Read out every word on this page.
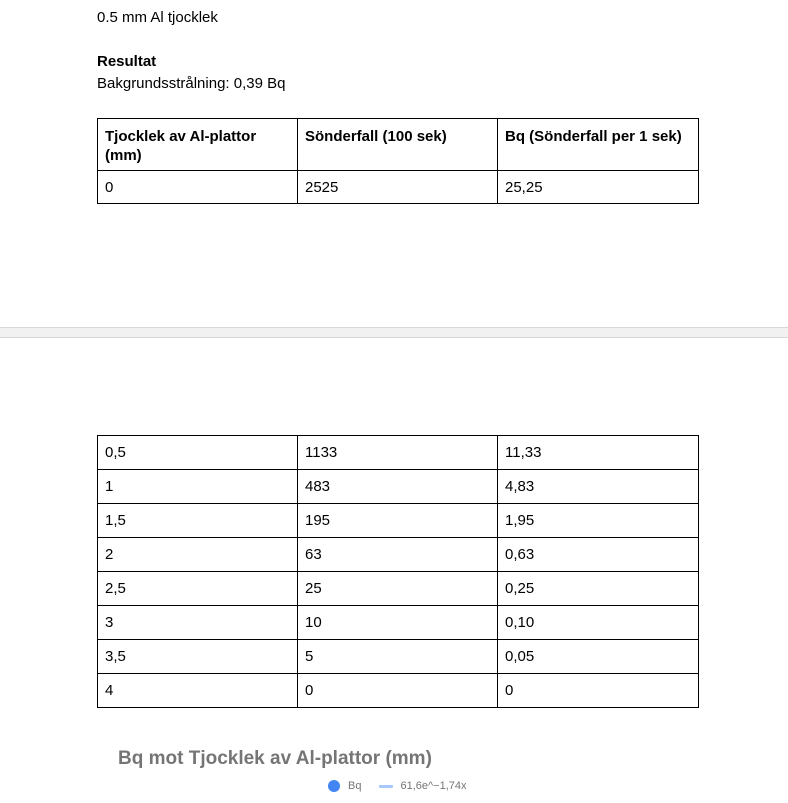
0.5 mm Al tjocklek
Resultat
Bakgrundsstrålning: 0,39 Bq
Tjocklek av Al-plattor (mm)	Sönderfall (100 sek)	Bq (Sönderfall per 1 sek)
0	2525	25,25
0,5	1133	11,33
1	483	4,83
1,5	195	1,95
2	63	0,63
2,5	25	0,25
3	10	0,10
3,5	5	0,05
4	0	0
Bq mot Tjocklek av Al-plattor (mm)
Bq	61,6e^−1,74x
